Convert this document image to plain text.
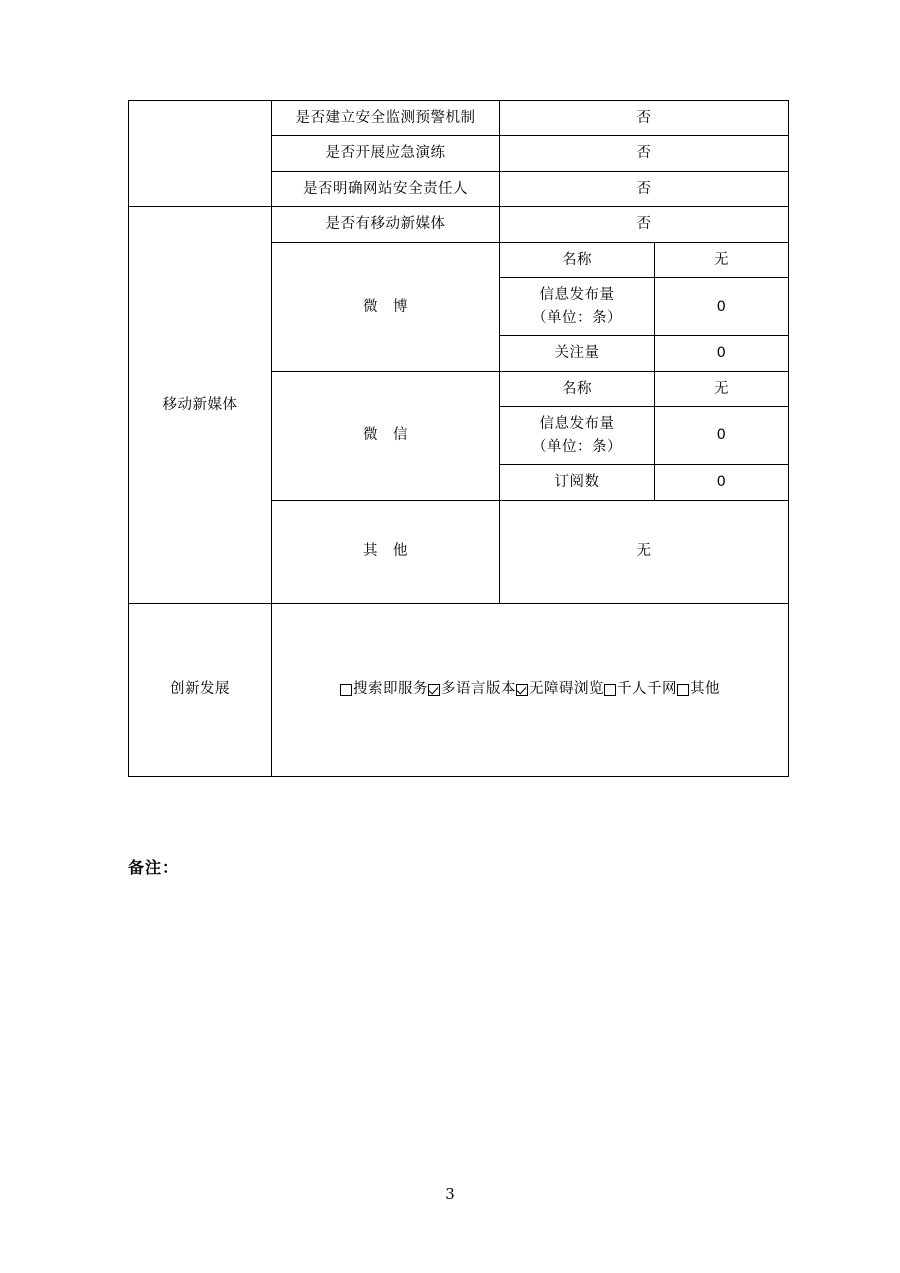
	是否建立安全监测预警机制	否	
	是否开展应急演练	否	
	是否明确网站安全责任人	否	
移动新媒体	是否有移动新媒体	否	
	微　博	名称	无

		信息发布量
（单位：条）	0
		关注量	0
	微　信	名称	无

		信息发布量
（单位：条）	0
		订阅数	0
	其　他	无	
创新发展	搜索即服务 多语言版本 无障碍浏览 千人千网 其他		
备注：
3
